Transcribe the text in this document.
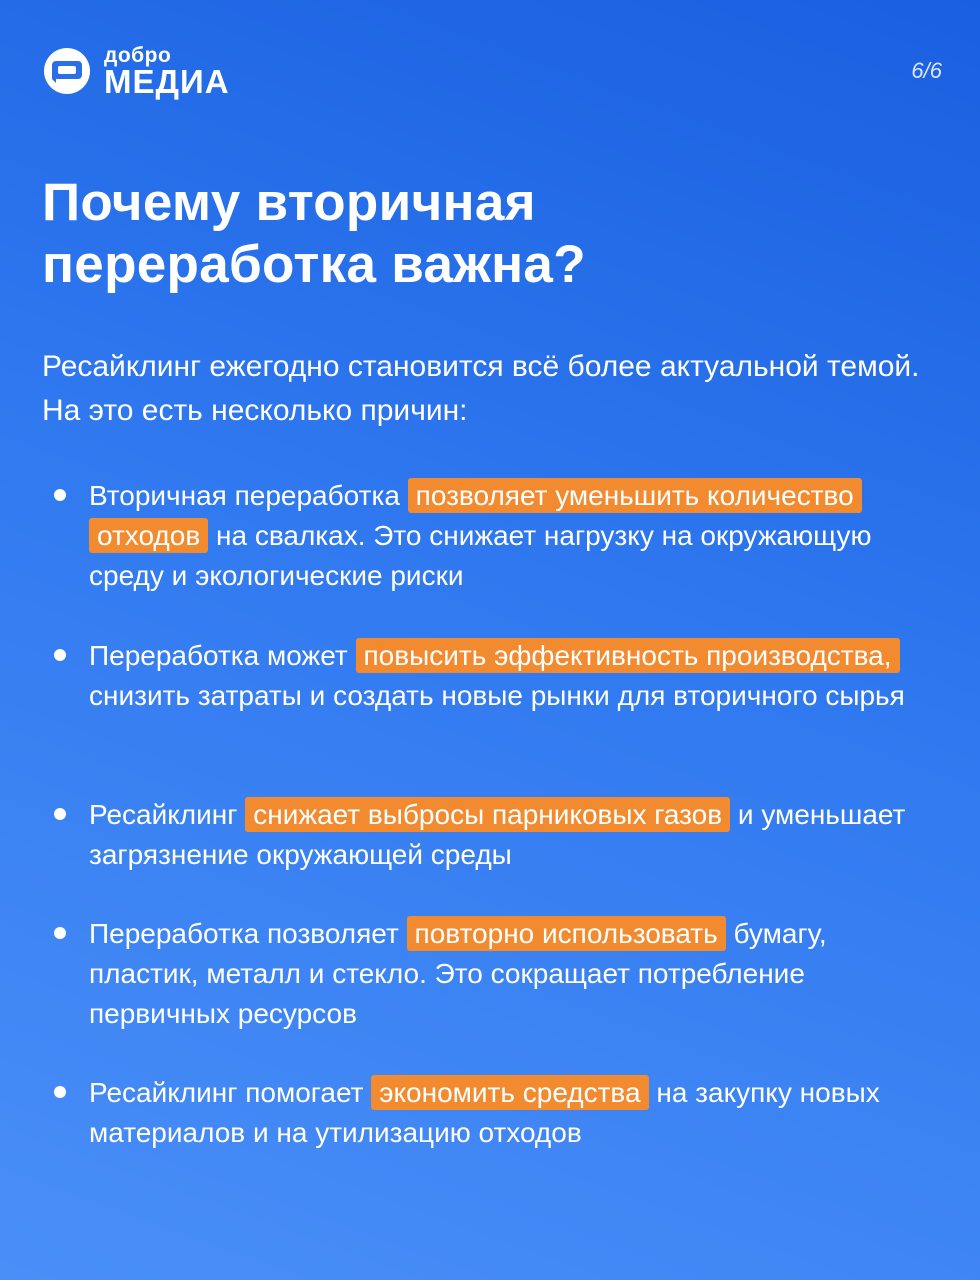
добро
МЕДИА	6/6
Почему вторичная переработка важна?

Ресайклинг ежегодно становится всё более актуальной темой. На это есть несколько причин:

Вторичная переработка позволяет уменьшить количество отходов на свалках. Это снижает нагрузку на окружающую среду и экологические риски
Переработка может повысить эффективность производства, снизить затраты и создать новые рынки для вторичного сырья
Ресайклинг снижает выбросы парниковых газов и уменьшает загрязнение окружающей среды
Переработка позволяет повторно использовать бумагу, пластик, металл и стекло. Это сокращает потребление первичных ресурсов
Ресайклинг помогает экономить средства на закупку новых материалов и на утилизацию отходов
